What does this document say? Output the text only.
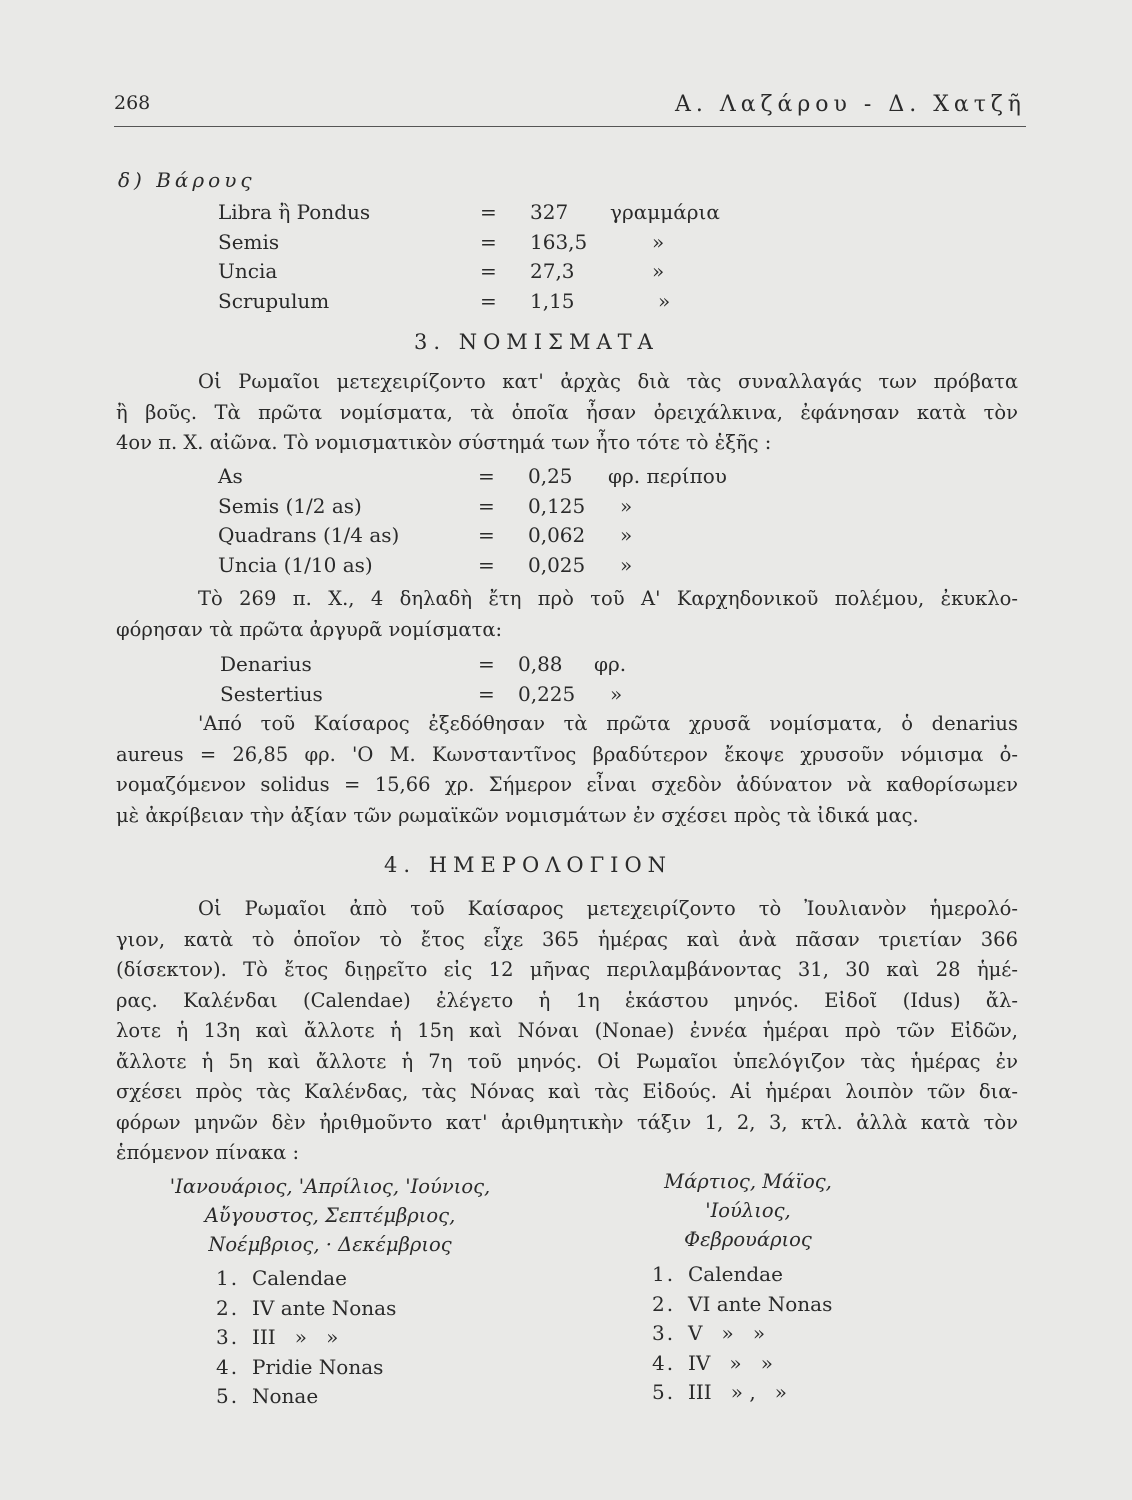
268	Α. Λαζάρου - Δ. Χατζῆ
δ) Βάρους
Libra ἢ Pondus	= 327 γραμμάρια
Semis	= 163,5	»
Uncia	= 27,3	»
Scrupulum	= 1,15	»
3. ΝΟΜΙΣΜΑΤΑ
Οἱ Ρωμαῖοι μετεχειρίζοντο κατ' ἀρχὰς διὰ τὰς συναλλαγάς των πρόβατα
ἢ βοῦς. Τὰ πρῶτα νομίσματα, τὰ ὁποῖα ἦσαν ὀρειχάλκινα, ἐφάνησαν κατὰ τὸν
4ον π. Χ. αἰῶνα. Τὸ νομισματικὸν σύστημά των ἦτο τότε τὸ ἑξῆς :
As	= 0,25 φρ. περίπου
Semis (1/2 as)	= 0,125 »
Quadrans (1/4 as)	= 0,062 »
Uncia (1/10 as)	= 0,025 »
Τὸ 269 π. Χ., 4 δηλαδὴ ἔτη πρὸ τοῦ Α' Καρχηδονικοῦ πολέμου, ἐκυκλο-
φόρησαν τὰ πρῶτα ἀργυρᾶ νομίσματα:
Denarius	= 0,88 φρ.
Sestertius	= 0,225 »
'Από τοῦ Καίσαρος ἐξεδόθησαν τὰ πρῶτα χρυσᾶ νομίσματα, ὁ denarius
aureus = 26,85 φρ. 'Ο Μ. Κωνσταντῖνος βραδύτερον ἔκοψε χρυσοῦν νόμισμα ὀ-
νομαζόμενον solidus = 15,66 χρ. Σήμερον εἶναι σχεδὸν ἀδύνατον νὰ καθορίσωμεν
μὲ ἀκρίβειαν τὴν ἀξίαν τῶν ρωμαϊκῶν νομισμάτων ἐν σχέσει πρὸς τὰ ἰδικά μας.
4. ΗΜΕΡΟΛΟΓΙΟΝ
Οἱ Ρωμαῖοι ἀπὸ τοῦ Καίσαρος μετεχειρίζοντο τὸ Ἰουλιανὸν ἡμερολό-
γιον, κατὰ τὸ ὁποῖον τὸ ἔτος εἶχε 365 ἡμέρας καὶ ἀνὰ πᾶσαν τριετίαν 366
(δίσεκτον). Τὸ ἔτος διῃρεῖτο εἰς 12 μῆνας περιλαμβάνοντας 31, 30 καὶ 28 ἡμέ-
ρας. Καλένδαι (Calendae) ἐλέγετο ἡ 1η ἑκάστου μηνός. Εἰδοῖ (Idus) ἄλ-
λοτε ἡ 13η καὶ ἄλλοτε ἡ 15η καὶ Νόναι (Nonae) ἐννέα ἡμέραι πρὸ τῶν Εἰδῶν,
ἄλλοτε ἡ 5η καὶ ἄλλοτε ἡ 7η τοῦ μηνός. Οἱ Ρωμαῖοι ὑπελόγιζον τὰς ἡμέρας ἐν
σχέσει πρὸς τὰς Καλένδας, τὰς Νόνας καὶ τὰς Εἰδούς. Αἱ ἡμέραι λοιπὸν τῶν δια-
φόρων μηνῶν δὲν ἠριθμοῦντο κατ' ἀριθμητικὴν τάξιν 1, 2, 3, κτλ. ἀλλὰ κατὰ τὸν
ἑπόμενον πίνακα :
'Ιανουάριος, 'Απρίλιος, 'Ιούνιος,
Αὔγουστος, Σεπτέμβριος,
Νοέμβριος, · Δεκέμβριος
Μάρτιος, Μάϊος,
'Ιούλιος,
Φεβρουάριος
1. Calendae
2. IV ante Nonas
3. III   »   »
4. Pridie Nonas
5. Nonae
1. Calendae
2. VI ante Nonas
3. V   »   »
4. IV   »   »
5. III   » ,   »
